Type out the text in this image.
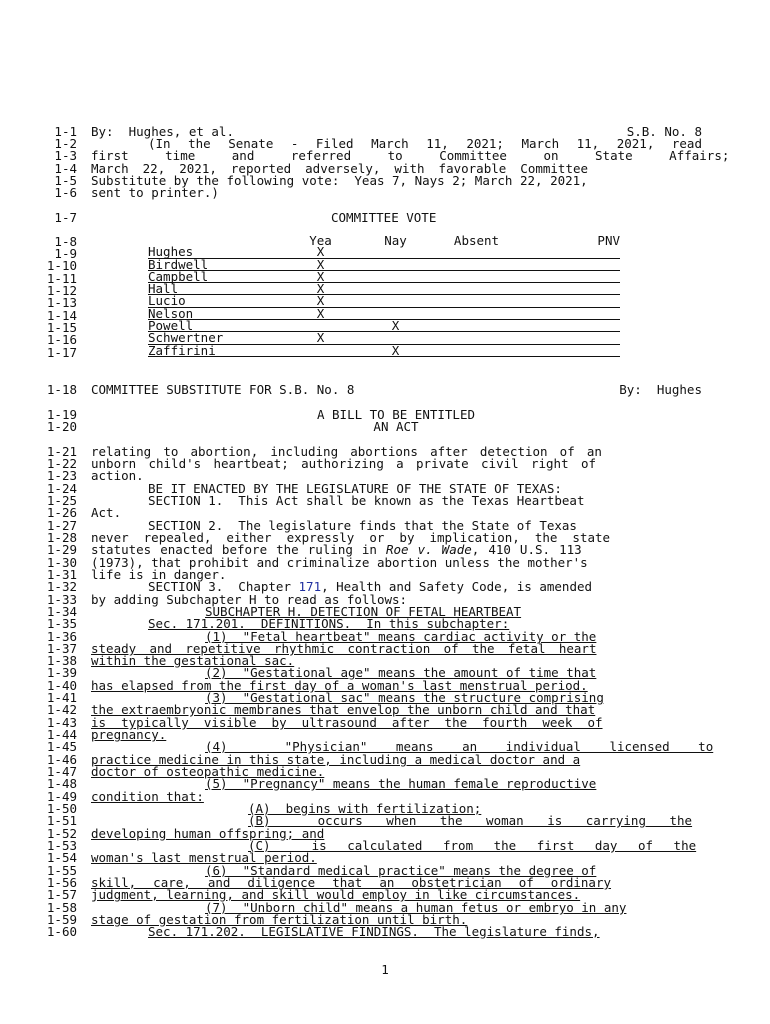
1-1

By:  Hughes, et al.

	S.B. No. 8

1-2

	(In the Senate - Filed March 11, 2021; March 11, 2021, read

1-3

first time and referred to Committee on State Affairs;

1-4

March 22, 2021, reported adversely, with favorable Committee

1-5

Substitute by the following vote:  Yeas 7, Nays 2; March 22, 2021,

1-6

sent to printer.)

1-7

	COMMITTEE VOTE

1-8
1-9
1-10
1-11
1-12
1-13
1-14
1-15
1-16
1-17
	Yea	Nay	Absent	PNV
Hughes	X			
Birdwell	X			
Campbell	X			
Hall	X			
Lucio	X			
Nelson	X			
Powell		X		
Schwertner	X			
Zaffirini		X		

1-18

COMMITTEE SUBSTITUTE FOR S.B. No. 8

	By:  Hughes

1-19

	A BILL TO BE ENTITLED

1-20

	AN ACT

1-21 relating to abortion, including abortions after detection of an
1-22 unborn child's heartbeat; authorizing a private civil right of
1-23 action.
1-24	BE IT ENACTED BY THE LEGISLATURE OF THE STATE OF TEXAS:
1-25	SECTION 1.  This Act shall be known as the Texas Heartbeat
1-26 Act.
1-27	SECTION 2.  The legislature finds that the State of Texas
1-28 never repealed, either expressly or by implication, the state
1-29 statutes enacted before the ruling in Roe v. Wade, 410 U.S. 113
1-30 (1973), that prohibit and criminalize abortion unless the mother's
1-31 life is in danger.
1-32	SECTION 3.  Chapter 171, Health and Safety Code, is amended
1-33 by adding Subchapter H to read as follows:
1-34	SUBCHAPTER H. DETECTION OF FETAL HEARTBEAT
1-35	Sec. 171.201.  DEFINITIONS.  In this subchapter:
1-36	(1)  "Fetal heartbeat" means cardiac activity or the
1-37 steady and repetitive rhythmic contraction of the fetal heart
1-38 within the gestational sac.
1-39	(2)  "Gestational age" means the amount of time that
1-40 has elapsed from the first day of a woman's last menstrual period.
1-41	(3)  "Gestational sac" means the structure comprising
1-42 the extraembryonic membranes that envelop the unborn child and that
1-43 is typically visible by ultrasound after the fourth week of
1-44 pregnancy.
1-45	(4)  "Physician" means an individual licensed to
1-46 practice medicine in this state, including a medical doctor and a
1-47 doctor of osteopathic medicine.
1-48	(5)  "Pregnancy" means the human female reproductive
1-49 condition that:
1-50	(A)  begins with fertilization;
1-51	(B)  occurs when the woman is carrying the
1-52 developing human offspring; and
1-53	(C)  is calculated from the first day of the
1-54 woman's last menstrual period.
1-55	(6)  "Standard medical practice" means the degree of
1-56 skill, care, and diligence that an obstetrician of ordinary
1-57 judgment, learning, and skill would employ in like circumstances.
1-58	(7)  "Unborn child" means a human fetus or embryo in any
1-59 stage of gestation from fertilization until birth.
1-60	Sec. 171.202.  LEGISLATIVE FINDINGS.  The legislature finds,
1
